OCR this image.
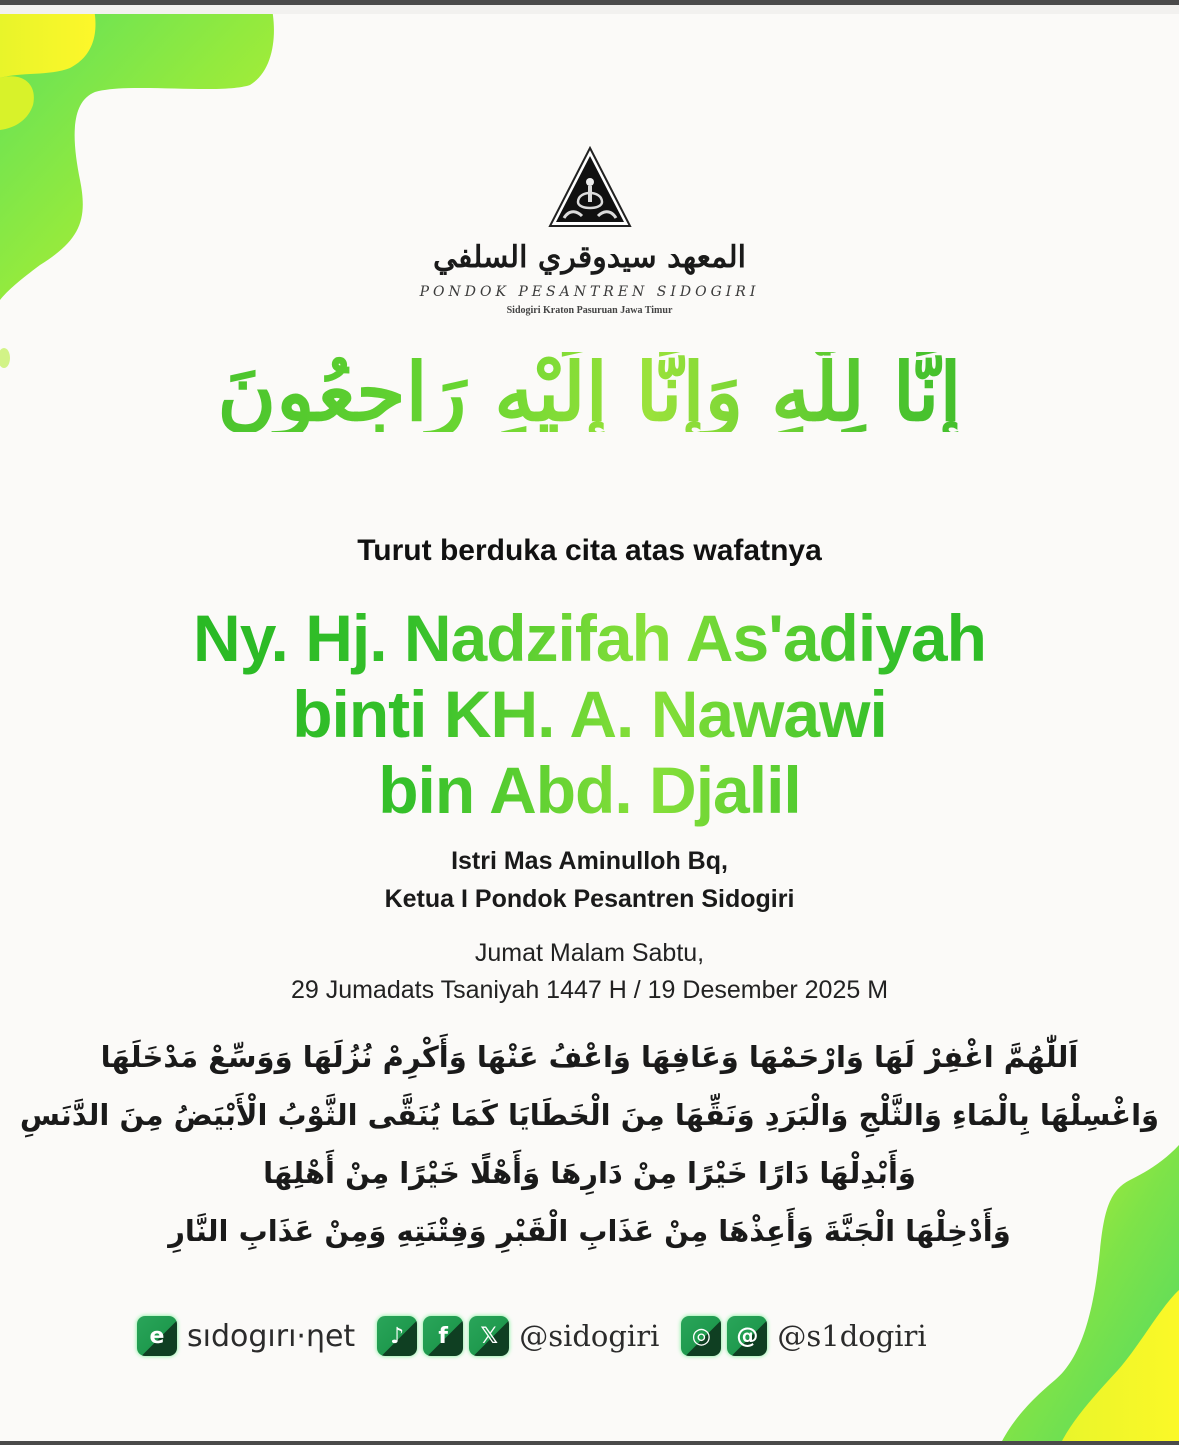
المعهد سيدوقري السلفي
PONDOK PESANTREN SIDOGIRI
Sidogiri Kraton Pasuruan Jawa Timur
إِنَّا لِلّٰهِ وَإِنَّا إِلَيْهِ رَاجِعُونَ
Turut berduka cita atas wafatnya
Ny. Hj. Nadzifah As'adiyah
binti KH. A. Nawawi
bin Abd. Djalil
Istri Mas Aminulloh Bq,
Ketua I Pondok Pesantren Sidogiri
Jumat Malam Sabtu,
29 Jumadats Tsaniyah 1447 H / 19 Desember 2025 M
اَللّٰهُمَّ اغْفِرْ لَهَا وَارْحَمْهَا وَعَافِهَا وَاعْفُ عَنْهَا وَأَكْرِمْ نُزُلَهَا وَوَسِّعْ مَدْخَلَهَا
وَاغْسِلْهَا بِالْمَاءِ وَالثَّلْجِ وَالْبَرَدِ وَنَقِّهَا مِنَ الْخَطَايَا كَمَا يُنَقَّى الثَّوْبُ الْأَبْيَضُ مِنَ الدَّنَسِ
وَأَبْدِلْهَا دَارًا خَيْرًا مِنْ دَارِهَا وَأَهْلًا خَيْرًا مِنْ أَهْلِهَا
وَأَدْخِلْهَا الْجَنَّةَ وَأَعِذْهَا مِنْ عَذَابِ الْقَبْرِ وَفِتْنَتِهِ وَمِنْ عَذَابِ النَّارِ
e sıdogırı·ηet	♪	f	𝕏 @sidogiri	◎	@ @s1dogiri
